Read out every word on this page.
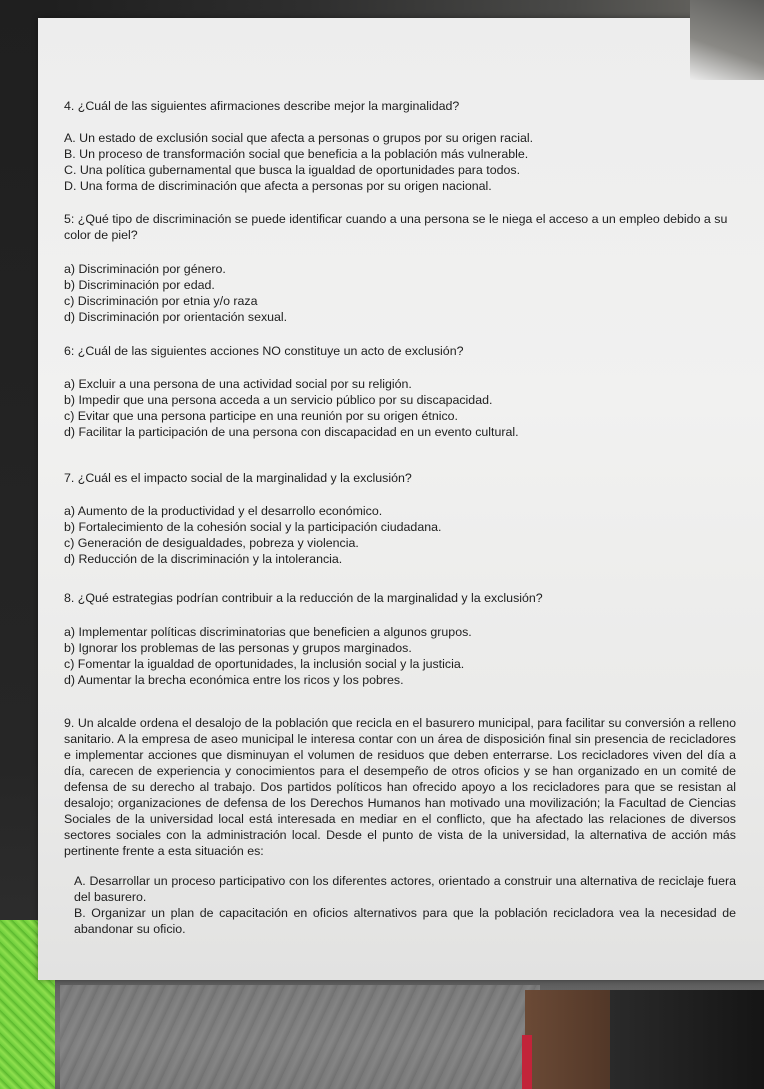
4. ¿Cuál de las siguientes afirmaciones describe mejor la marginalidad?

A. Un estado de exclusión social que afecta a personas o grupos por su origen racial.

B. Un proceso de transformación social que beneficia a la población más vulnerable.

C. Una política gubernamental que busca la igualdad de oportunidades para todos.

D. Una forma de discriminación que afecta a personas por su origen nacional.

5: ¿Qué tipo de discriminación se puede identificar cuando a una persona se le niega el acceso a un empleo debido a su color de piel?

a) Discriminación por género.

b) Discriminación por edad.

c) Discriminación por etnia y/o raza

d) Discriminación por orientación sexual.

6: ¿Cuál de las siguientes acciones NO constituye un acto de exclusión?

a) Excluir a una persona de una actividad social por su religión.

b) Impedir que una persona acceda a un servicio público por su discapacidad.

c) Evitar que una persona participe en una reunión por su origen étnico.

d) Facilitar la participación de una persona con discapacidad en un evento cultural.

7. ¿Cuál es el impacto social de la marginalidad y la exclusión?

a) Aumento de la productividad y el desarrollo económico.

b) Fortalecimiento de la cohesión social y la participación ciudadana.

c) Generación de desigualdades, pobreza y violencia.

d) Reducción de la discriminación y la intolerancia.

8. ¿Qué estrategias podrían contribuir a la reducción de la marginalidad y la exclusión?

a) Implementar políticas discriminatorias que beneficien a algunos grupos.

b) Ignorar los problemas de las personas y grupos marginados.

c) Fomentar la igualdad de oportunidades, la inclusión social y la justicia.

d) Aumentar la brecha económica entre los ricos y los pobres.

9. Un alcalde ordena el desalojo de la población que recicla en el basurero municipal, para facilitar su conversión a relleno sanitario. A la empresa de aseo municipal le interesa contar con un área de disposición final sin presencia de recicladores e implementar acciones que disminuyan el volumen de residuos que deben enterrarse. Los recicladores viven del día a día, carecen de experiencia y conocimientos para el desempeño de otros oficios y se han organizado en un comité de defensa de su derecho al trabajo. Dos partidos políticos han ofrecido apoyo a los recicladores para que se resistan al desalojo; organizaciones de defensa de los Derechos Humanos han motivado una movilización; la Facultad de Ciencias Sociales de la universidad local está interesada en mediar en el conflicto, que ha afectado las relaciones de diversos sectores sociales con la administración local. Desde el punto de vista de la universidad, la alternativa de acción más pertinente frente a esta situación es:

A. Desarrollar un proceso participativo con los diferentes actores, orientado a construir una alternativa de reciclaje fuera del basurero.

B. Organizar un plan de capacitación en oficios alternativos para que la población recicladora vea la necesidad de abandonar su oficio.
